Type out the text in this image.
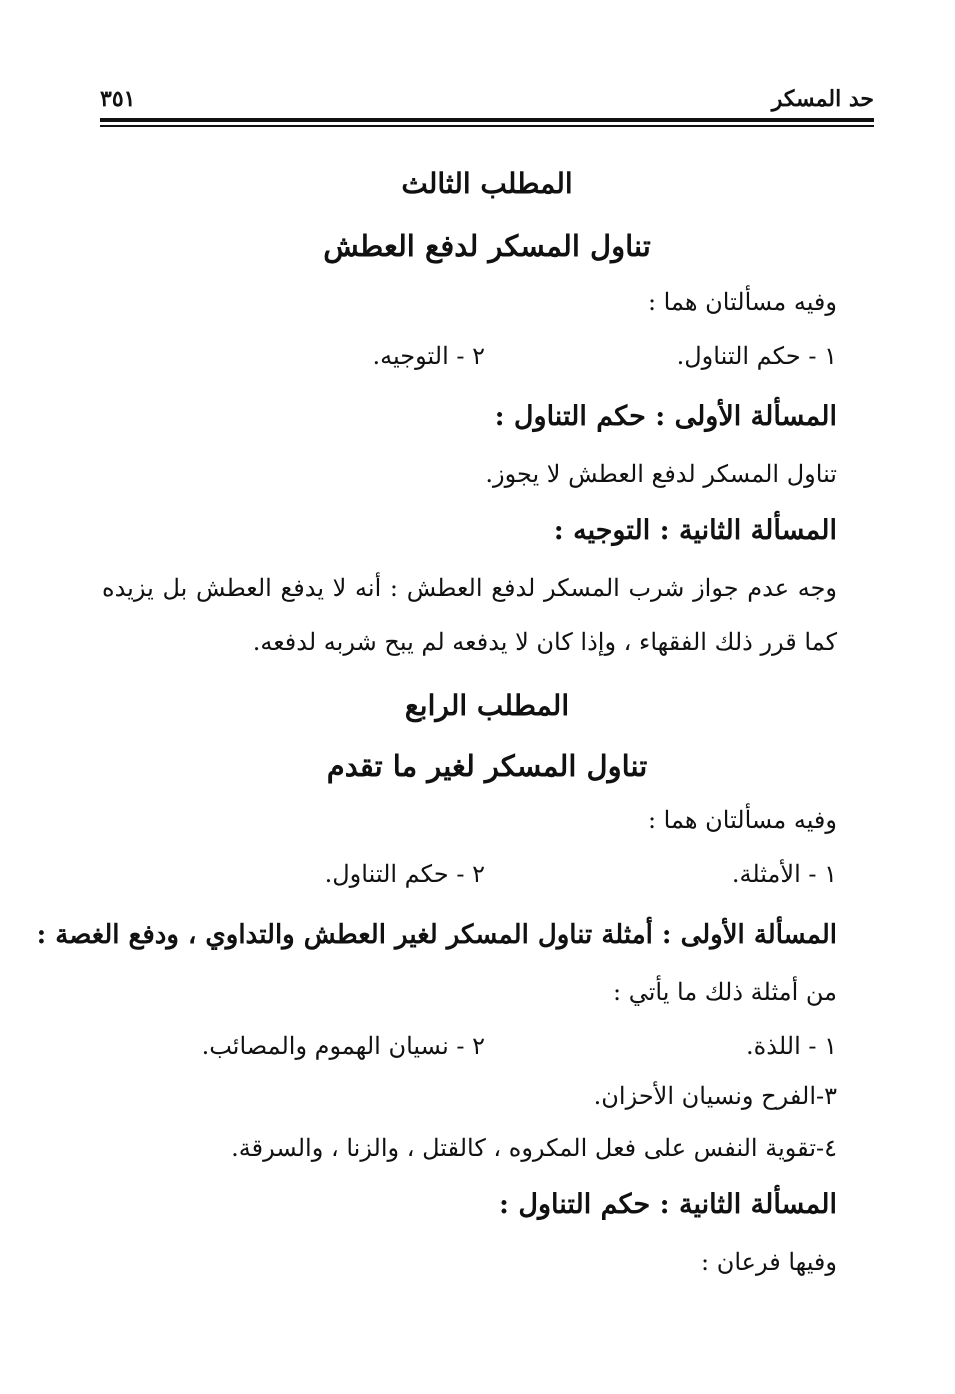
حد المسكر
٣٥١
المطلب الثالث
تناول المسكر لدفع العطش
وفيه مسألتان هما :
١ - حكم التناول.
٢ - التوجيه.
المسألة الأولى : حكم التناول :
تناول المسكر لدفع العطش لا يجوز.
المسألة الثانية : التوجيه :
وجه عدم جواز شرب المسكر لدفع العطش : أنه لا يدفع العطش بل يزيده
كما قرر ذلك الفقهاء ، وإذا كان لا يدفعه لم يبح شربه لدفعه.
المطلب الرابع
تناول المسكر لغير ما تقدم
وفيه مسألتان هما :
١ - الأمثلة.
٢ - حكم التناول.
المسألة الأولى : أمثلة تناول المسكر لغير العطش والتداوي ، ودفع الغصة :
من أمثلة ذلك ما يأتي :
١ - اللذة.
٢ - نسيان الهموم والمصائب.
٣-الفرح ونسيان الأحزان.
٤-تقوية النفس على فعل المكروه ، كالقتل ، والزنا ، والسرقة.
المسألة الثانية : حكم التناول :
وفيها فرعان :
